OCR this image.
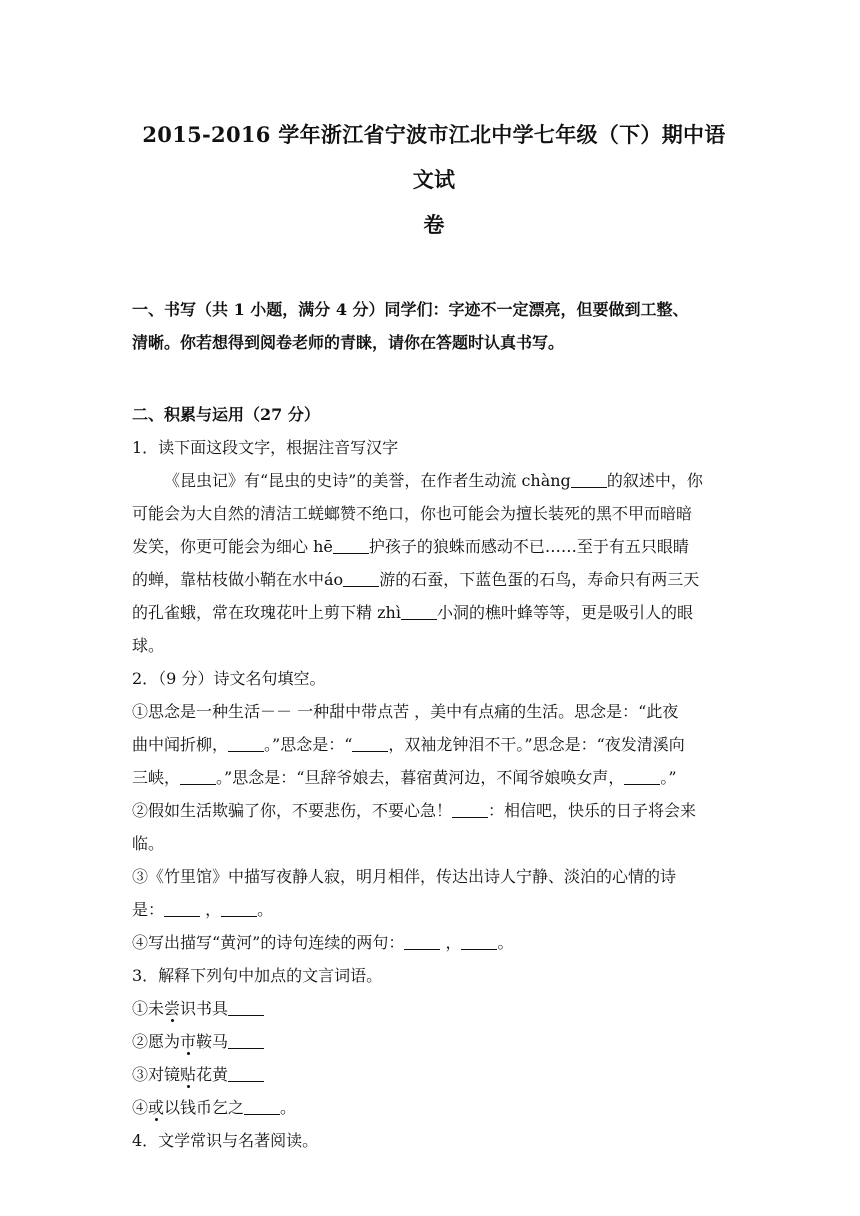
2015-2016 学年浙江省宁波市江北中学七年级（下）期中语文试
卷
一、书写（共 1 小题，满分 4 分）同学们：字迹不一定漂亮，但要做到工整、
清晰。你若想得到阅卷老师的青睐，请你在答题时认真书写。
二、积累与运用（27 分）

1．读下面这段文字，根据注音写汉字

《昆虫记》有“昆虫的史诗”的美誉，在作者生动流 chàng 的叙述中，你

可能会为大自然的清洁工蜣螂赞不绝口，你也可能会为擅长装死的黑不甲而暗暗

发笑，你更可能会为细心 hē 护孩子的狼蛛而感动不已……至于有五只眼睛

的蝉，靠枯枝做小鞘在水中áo 游的石蚕，下蓝色蛋的石鸟，寿命只有两三天

的孔雀蛾，常在玫瑰花叶上剪下精 zhì 小洞的樵叶蜂等等，更是吸引人的眼

球。

2．（9 分）诗文名句填空。

①思念是一种生活－－ 一种甜中带点苦 ，美中有点痛的生活。思念是：“此夜

曲中闻折柳， 。”思念是：“ ，双袖龙钟泪不干。”思念是：“夜发清溪向

三峡， 。”思念是：“旦辞爷娘去，暮宿黄河边，不闻爷娘唤女声， 。”

②假如生活欺骗了你，不要悲伤，不要心急！ ：相信吧，快乐的日子将会来

临。

③《竹里馆》中描写夜静人寂，明月相伴，传达出诗人宁静、淡泊的心情的诗

是： ， 。

④写出描写“黄河”的诗句连续的两句： ， 。

3．解释下列句中加点的文言词语。

①未尝识书具

②愿为市鞍马

③对镜贴花黄

④或以钱币乞之 。

4．文学常识与名著阅读。
